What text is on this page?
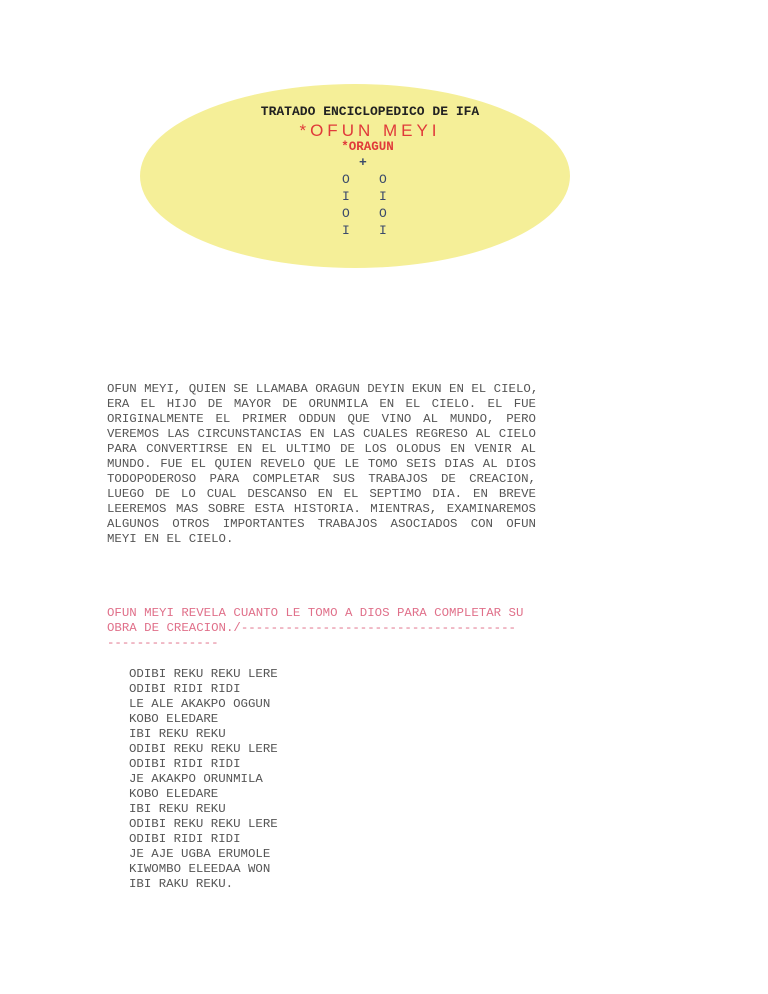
TRATADO ENCICLOPEDICO DE IFA
*OFUN MEYI
*ORAGUN
+
O O
I I
O O
I I
OFUN MEYI, QUIEN SE LLAMABA ORAGUN DEYIN EKUN EN EL CIELO,
ERA EL HIJO DE MAYOR DE ORUNMILA EN EL CIELO. EL FUE
ORIGINALMENTE EL PRIMER ODDUN QUE VINO AL MUNDO, PERO
VEREMOS LAS CIRCUNSTANCIAS EN LAS CUALES REGRESO AL CIELO
PARA CONVERTIRSE EN EL ULTIMO DE LOS OLODUS EN VENIR AL
MUNDO. FUE EL QUIEN REVELO QUE LE TOMO SEIS DIAS AL DIOS
TODOPODEROSO PARA COMPLETAR SUS TRABAJOS DE CREACION,
LUEGO DE LO CUAL DESCANSO EN EL SEPTIMO DIA. EN BREVE
LEEREMOS MAS SOBRE ESTA HISTORIA. MIENTRAS, EXAMINAREMOS
ALGUNOS OTROS IMPORTANTES TRABAJOS ASOCIADOS CON OFUN
MEYI EN EL CIELO.
OFUN MEYI REVELA CUANTO LE TOMO A DIOS PARA COMPLETAR SU
OBRA DE CREACION./-------------------------------------
---------------
ODIBI REKU REKU LERE
ODIBI RIDI RIDI
LE ALE AKAKPO OGGUN
KOBO ELEDARE
IBI REKU REKU
ODIBI REKU REKU LERE
ODIBI RIDI RIDI
JE AKAKPO ORUNMILA
KOBO ELEDARE
IBI REKU REKU
ODIBI REKU REKU LERE
ODIBI RIDI RIDI
JE AJE UGBA ERUMOLE
KIWOMBO ELEEDAA WON
IBI RAKU REKU.
